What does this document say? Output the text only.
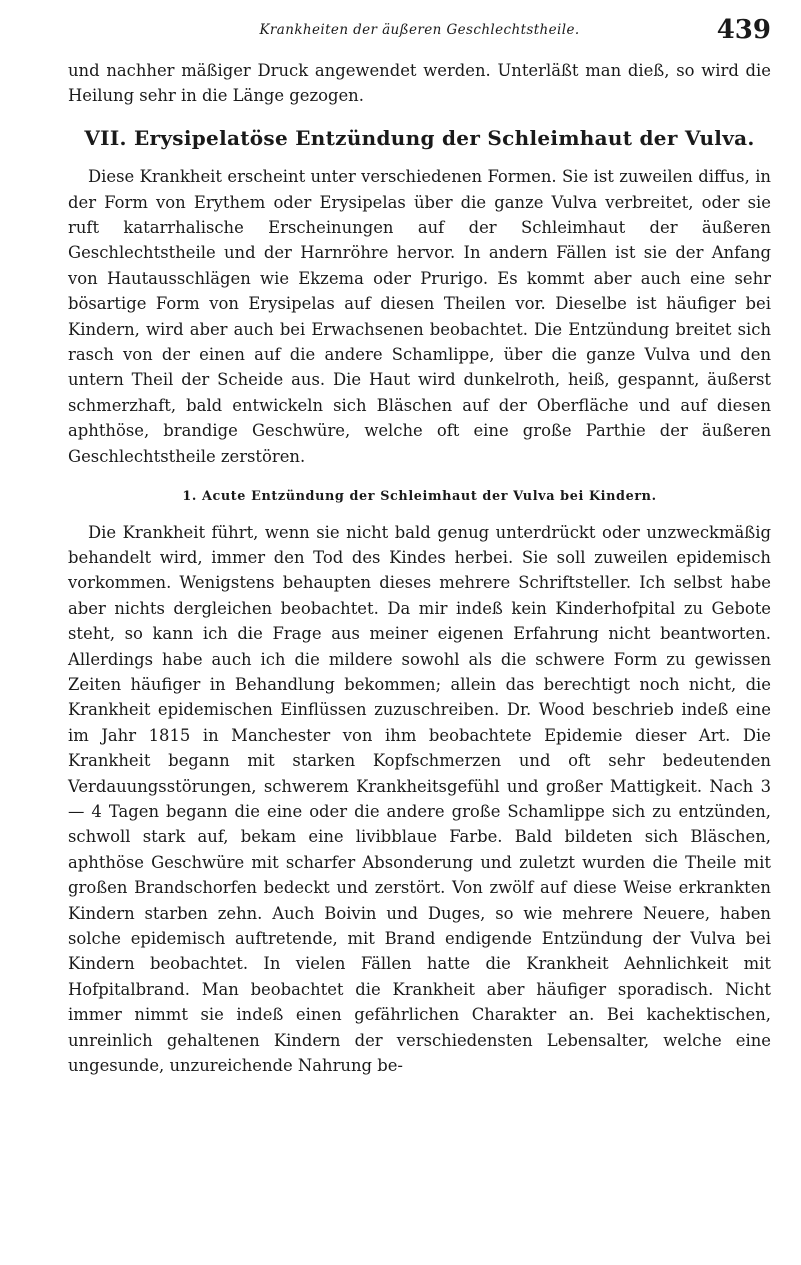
Krankheiten der äußeren Geschlechtstheile.	439

und nachher mäßiger Druck angewendet werden. Unterläßt man dieß, so wird die Heilung sehr in die Länge gezogen.

VII. Erysipelatöse Entzündung der Schleimhaut der Vulva.

Diese Krankheit erscheint unter verschiedenen Formen. Sie ist zuweilen diffus, in der Form von Erythem oder Erysipelas über die ganze Vulva verbreitet, oder sie ruft katarrhalische Erscheinungen auf der Schleimhaut der äußeren Geschlechtstheile und der Harnröhre hervor. In andern Fällen ist sie der Anfang von Hautausschlägen wie Ekzema oder Prurigo. Es kommt aber auch eine sehr bösartige Form von Erysipelas auf diesen Theilen vor. Dieselbe ist häufiger bei Kindern, wird aber auch bei Erwachsenen beobachtet. Die Entzündung breitet sich rasch von der einen auf die andere Schamlippe, über die ganze Vulva und den untern Theil der Scheide aus. Die Haut wird dunkelroth, heiß, gespannt, äußerst schmerzhaft, bald entwickeln sich Bläschen auf der Oberfläche und auf diesen aphthöse, brandige Geschwüre, welche oft eine große Parthie der äußeren Geschlechtstheile zerstören.

1. Acute Entzündung der Schleimhaut der Vulva bei Kindern.

Die Krankheit führt, wenn sie nicht bald genug unterdrückt oder unzweckmäßig behandelt wird, immer den Tod des Kindes herbei. Sie soll zuweilen epidemisch vorkommen. Wenigstens behaupten dieses mehrere Schriftsteller. Ich selbst habe aber nichts dergleichen beobachtet. Da mir indeß kein Kinderhofpital zu Gebote steht, so kann ich die Frage aus meiner eigenen Erfahrung nicht beantworten. Allerdings habe auch ich die mildere sowohl als die schwere Form zu gewissen Zeiten häufiger in Behandlung bekommen; allein das berechtigt noch nicht, die Krankheit epidemischen Einflüssen zuzuschreiben. Dr. Wood beschrieb indeß eine im Jahr 1815 in Manchester von ihm beobachtete Epidemie dieser Art. Die Krankheit begann mit starken Kopfschmerzen und oft sehr bedeutenden Verdauungsstörungen, schwerem Krankheitsgefühl und großer Mattigkeit. Nach 3 — 4 Tagen begann die eine oder die andere große Schamlippe sich zu entzünden, schwoll stark auf, bekam eine livibblaue Farbe. Bald bildeten sich Bläschen, aphthöse Geschwüre mit scharfer Absonderung und zuletzt wurden die Theile mit großen Brandschorfen bedeckt und zerstört. Von zwölf auf diese Weise erkrankten Kindern starben zehn. Auch Boivin und Duges, so wie mehrere Neuere, haben solche epidemisch auftretende, mit Brand endigende Entzündung der Vulva bei Kindern beobachtet. In vielen Fällen hatte die Krankheit Aehnlichkeit mit Hofpitalbrand. Man beobachtet die Krankheit aber häufiger sporadisch. Nicht immer nimmt sie indeß einen gefährlichen Charakter an. Bei kachektischen, unreinlich gehaltenen Kindern der verschiedensten Lebensalter, welche eine ungesunde, unzureichende Nahrung be-
